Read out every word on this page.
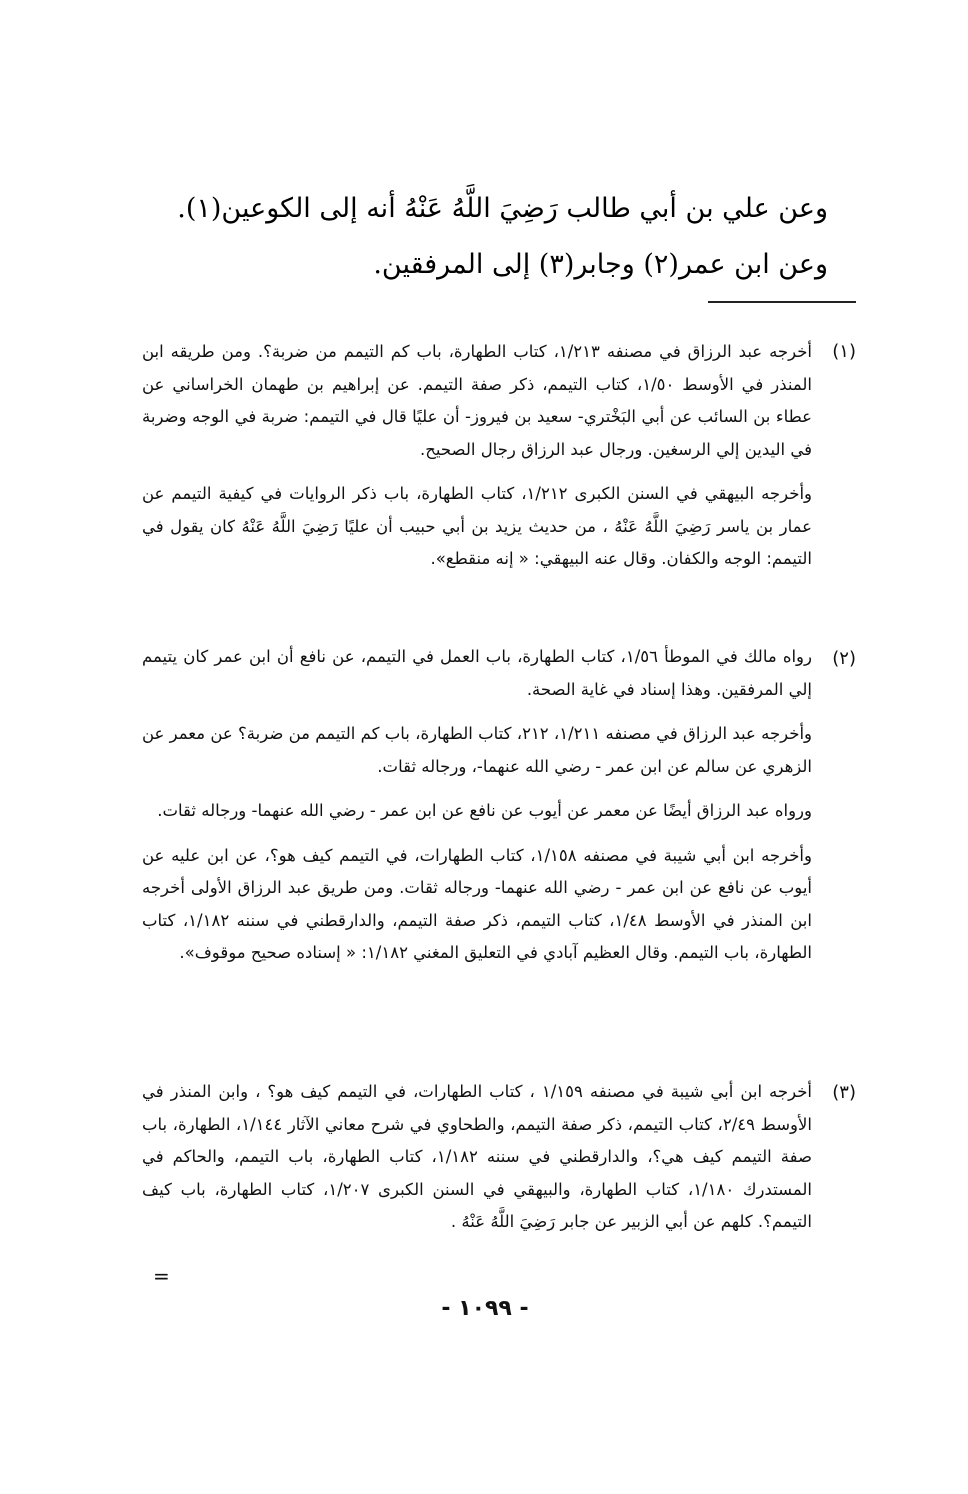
وعن علي بن أبي طالب رَضِيَ اللَّهُ عَنْهُ أنه إلى الكوعين(١).
وعن ابن عمر(٢) وجابر(٣) إلى المرفقين.
(١)

أخرجه عبد الرزاق في مصنفه ١/٢١٣، كتاب الطهارة، باب كم التيمم من ضربة؟. ومن طريقه ابن المنذر في الأوسط ١/٥٠، كتاب التيمم، ذكر صفة التيمم. عن إبراهيم بن طهمان الخراساني عن عطاء بن السائب عن أبي البَخْتري- سعيد بن فيروز- أن عليًا قال في التيمم: ضربة في الوجه وضربة في اليدين إلي الرسغين. ورجال عبد الرزاق رجال الصحيح.

وأخرجه البيهقي في السنن الكبرى ١/٢١٢، كتاب الطهارة، باب ذكر الروايات في كيفية التيمم عن عمار بن ياسر رَضِيَ اللَّهُ عَنْهُ ، من حديث يزيد بن أبي حبيب أن عليًا رَضِيَ اللَّهُ عَنْهُ كان يقول في التيمم: الوجه والكفان. وقال عنه البيهقي: « إنه منقطع».

(٢)

رواه مالك في الموطأ ١/٥٦، كتاب الطهارة، باب العمل في التيمم، عن نافع أن ابن عمر كان يتيمم إلي المرفقين. وهذا إسناد في غاية الصحة.

وأخرجه عبد الرزاق في مصنفه ١/٢١١، ٢١٢، كتاب الطهارة، باب كم التيمم من ضربة؟ عن معمر عن الزهري عن سالم عن ابن عمر - رضي الله عنهما-، ورجاله ثقات.

ورواه عبد الرزاق أيضًا عن معمر عن أيوب عن نافع عن ابن عمر - رضي الله عنهما- ورجاله ثقات.

وأخرجه ابن أبي شيبة في مصنفه ١/١٥٨، كتاب الطهارات، في التيمم كيف هو؟، عن ابن عليه عن أيوب عن نافع عن ابن عمر - رضي الله عنهما- ورجاله ثقات. ومن طريق عبد الرزاق الأولى أخرجه ابن المنذر في الأوسط ١/٤٨، كتاب التيمم، ذكر صفة التيمم، والدارقطني في سننه ١/١٨٢، كتاب الطهارة، باب التيمم. وقال العظيم آبادي في التعليق المغني ١/١٨٢: « إسناده صحيح موقوف».

(٣)

أخرجه ابن أبي شيبة في مصنفه ١/١٥٩ ، كتاب الطهارات، في التيمم كيف هو؟ ، وابن المنذر في الأوسط ٢/٤٩، كتاب التيمم، ذكر صفة التيمم، والطحاوي في شرح معاني الآثار ١/١٤٤، الطهارة، باب صفة التيمم كيف هي؟، والدارقطني في سننه ١/١٨٢، كتاب الطهارة، باب التيمم، والحاكم في المستدرك ١/١٨٠، كتاب الطهارة، والبيهقي في السنن الكبرى ١/٢٠٧، كتاب الطهارة، باب كيف التيمم؟. كلهم عن أبي الزبير عن جابر رَضِيَ اللَّهُ عَنْهُ .

=
- ١٠٩٩ -
